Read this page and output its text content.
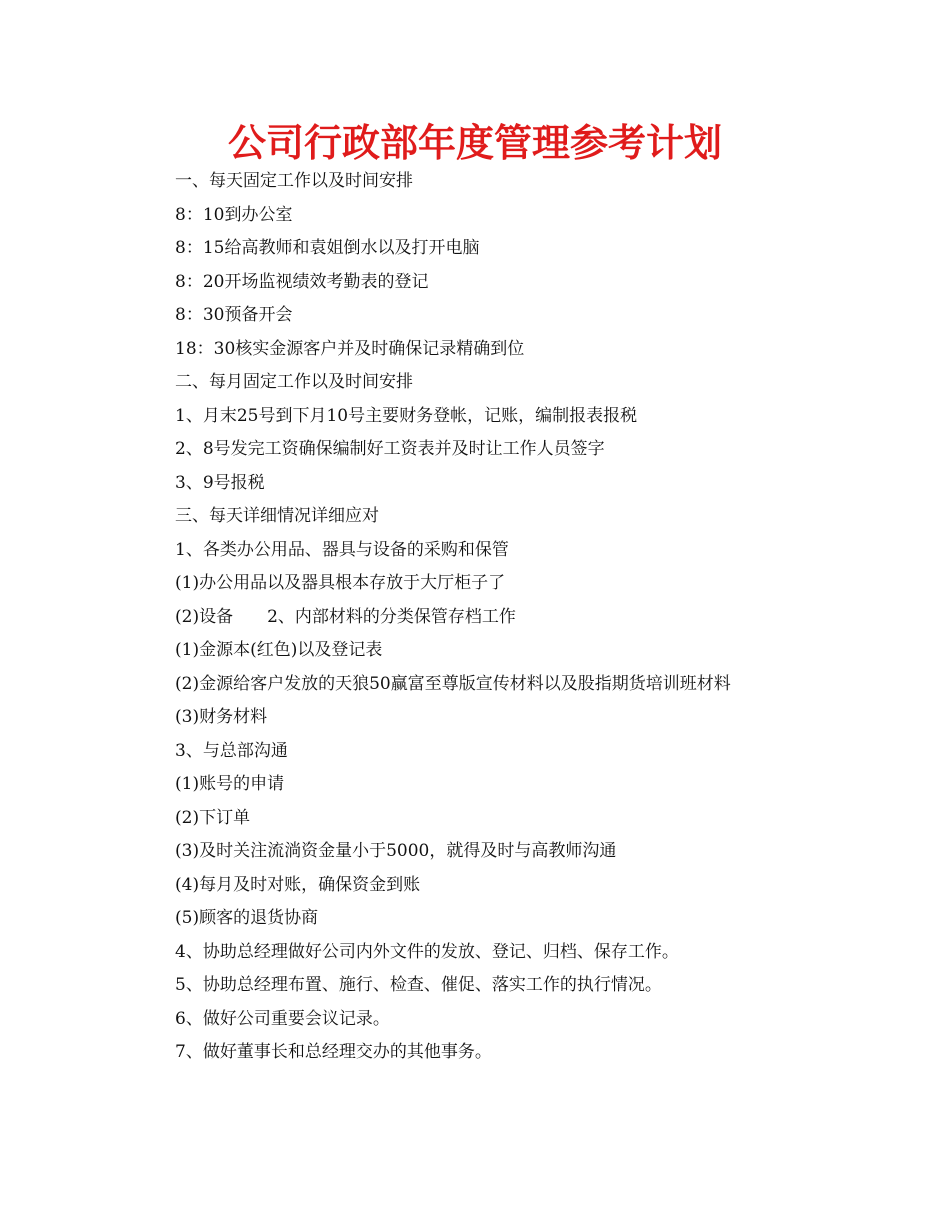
公司行政部年度管理参考计划
一、每天固定工作以及时间安排
8：10到办公室
8：15给高教师和袁姐倒水以及打开电脑
8：20开场监视绩效考勤表的登记
8：30预备开会
18：30核实金源客户并及时确保记录精确到位
二、每月固定工作以及时间安排
1、月末25号到下月10号主要财务登帐，记账，编制报表报税
2、8号发完工资确保编制好工资表并及时让工作人员签字
3、9号报税
三、每天详细情况详细应对
1、各类办公用品、器具与设备的采购和保管
(1)办公用品以及器具根本存放于大厅柜子了
(2)设备　　2、内部材料的分类保管存档工作
(1)金源本(红色)以及登记表
(2)金源给客户发放的天狼50赢富至尊版宣传材料以及股指期货培训班材料
(3)财务材料
3、与总部沟通
(1)账号的申请
(2)下订单
(3)及时关注流淌资金量小于5000，就得及时与高教师沟通
(4)每月及时对账，确保资金到账
(5)顾客的退货协商
4、协助总经理做好公司内外文件的发放、登记、归档、保存工作。
5、协助总经理布置、施行、检查、催促、落实工作的执行情况。
6、做好公司重要会议记录。
7、做好董事长和总经理交办的其他事务。
